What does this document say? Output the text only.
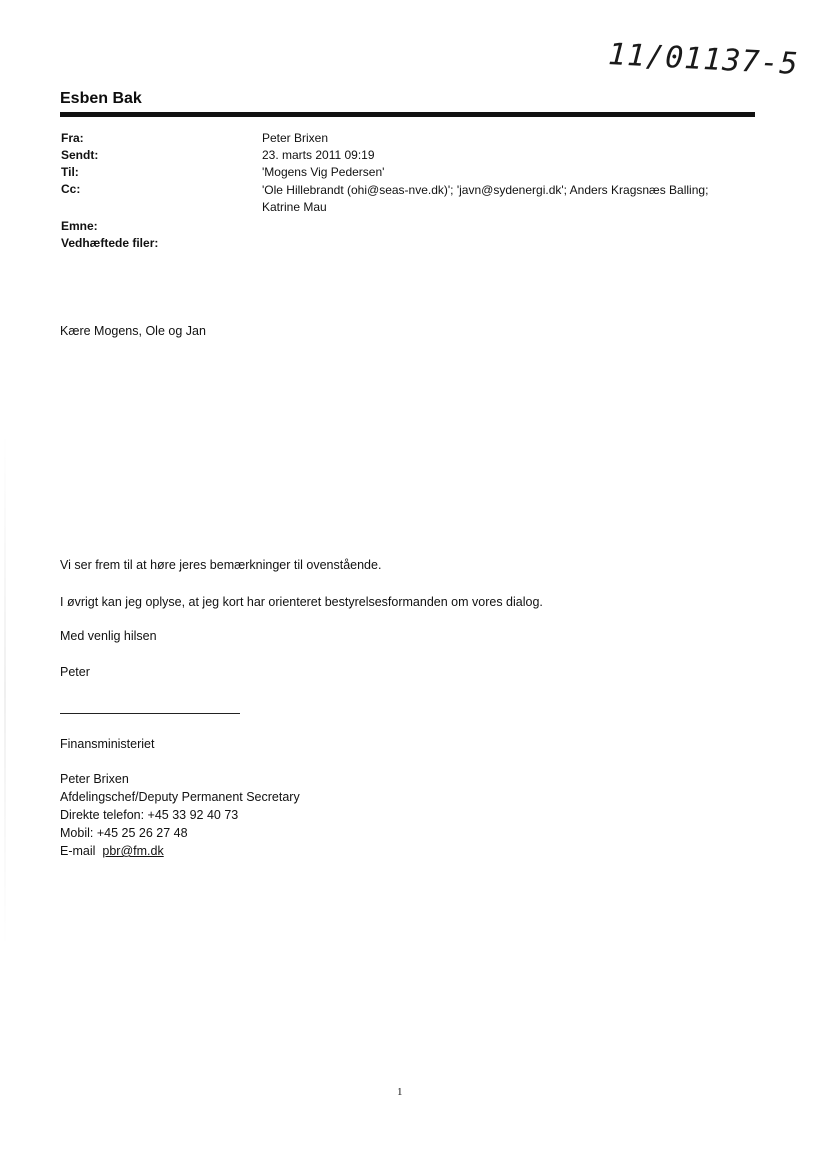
11/01137-5
Esben Bak
Fra:	Peter Brixen
Sendt:	23. marts 2011 09:19
Til:	'Mogens Vig Pedersen'
Cc:	'Ole Hillebrandt (ohi@seas-nve.dk)'; 'javn@sydenergi.dk'; Anders Kragsnæs Balling;
Katrine Mau
Emne:
Vedhæftede filer:
Kære Mogens, Ole og Jan
Vi ser frem til at høre jeres bemærkninger til ovenstående.
I øvrigt kan jeg oplyse, at jeg kort har orienteret bestyrelsesformanden om vores dialog.
Med venlig hilsen
Peter
Finansministeriet
Peter Brixen
Afdelingschef/Deputy Permanent Secretary
Direkte telefon: +45 33 92 40 73
Mobil: +45 25 26 27 48
E-mail pbr@fm.dk
1
